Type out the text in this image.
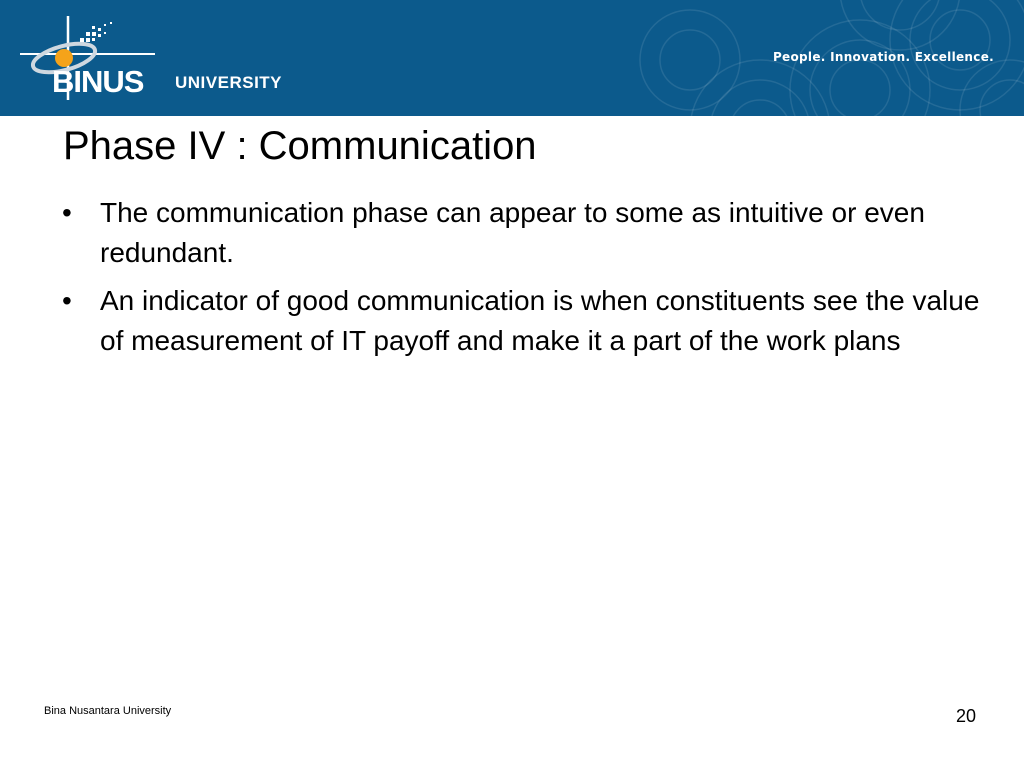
BINUS UNIVERSITY
People. Innovation. Excellence.
Phase IV : Communication
• The communication phase can appear to some as intuitive or even redundant.
• An indicator of good communication is when constituents see the value of measurement of IT payoff and make it a part of the work plans
Bina Nusantara University	20
